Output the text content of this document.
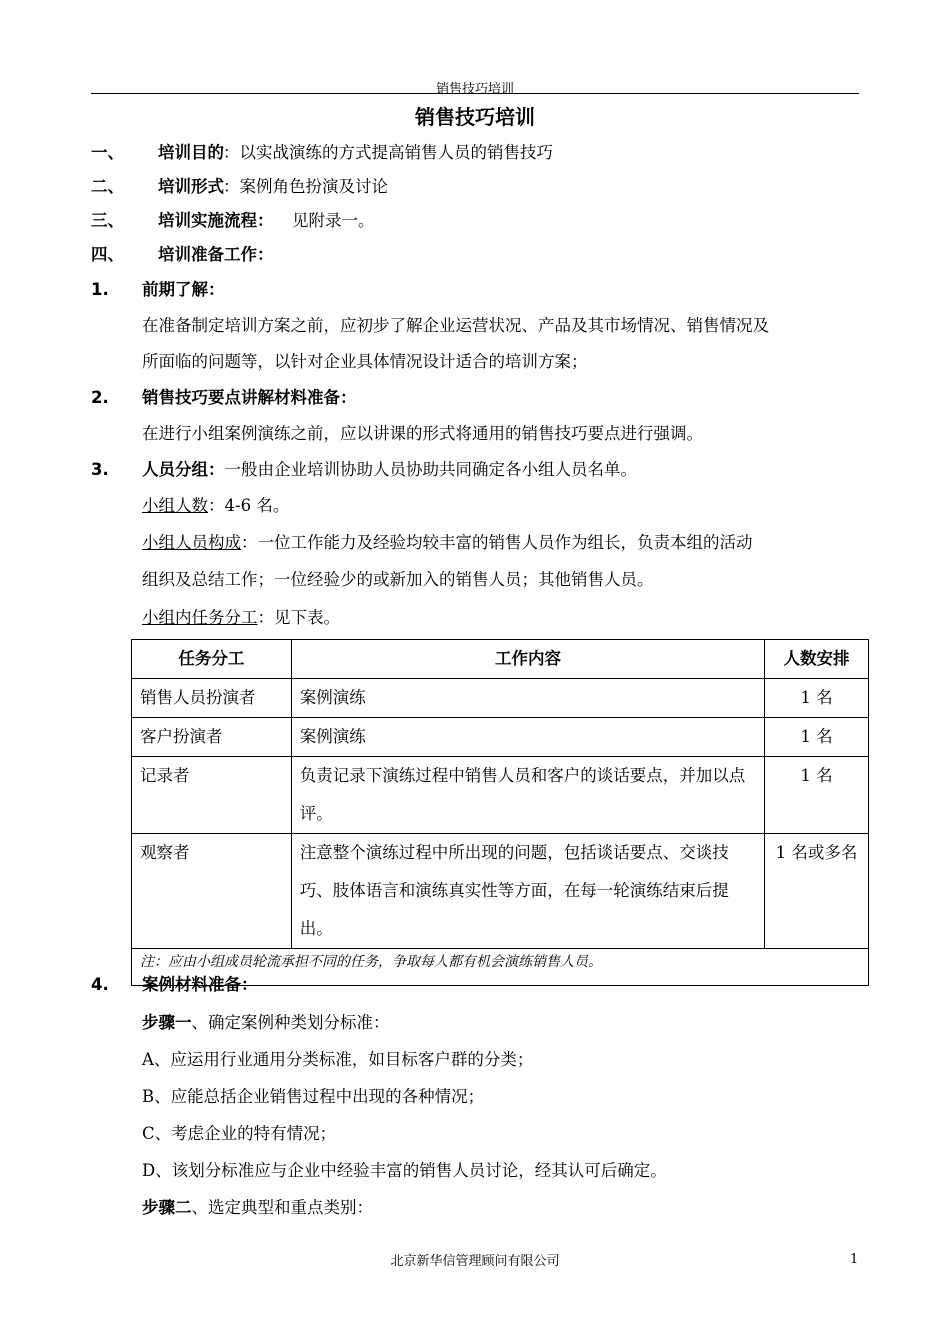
销售技巧培训
销售技巧培训
一、 培训目的 ：以实战演练的方式提高销售人员的销售技巧
二、 培训形式 ：案例角色扮演及讨论
三、 培训实施流程： 见附录一。
四、 培训准备工作：
1. 前期了解：
在准备制定培训方案之前，应初步了解企业运营状况、产品及其市场情况、销售情况及
所面临的问题等，以针对企业具体情况设计适合的培训方案；
2. 销售技巧要点讲解材料准备：
在进行小组案例演练之前，应以讲课的形式将通用的销售技巧要点进行强调。
3. 人员分组：一般由企业培训协助人员协助共同确定各小组人员名单。
小组人数：4-6 名。
小组人员构成：一位工作能力及经验均较丰富的销售人员作为组长，负责本组的活动
组织及总结工作；一位经验少的或新加入的销售人员；其他销售人员。
小组内任务分工：见下表。
任务分工	工作内容	人数安排
销售人员扮演者	案例演练	1 名
客户扮演者	案例演练	1 名
记录者	负责记录下演练过程中销售人员和客户的谈话要点，并加以点评。	1 名
观察者	注意整个演练过程中所出现的问题，包括谈话要点、交谈技巧、肢体语言和演练真实性等方面，在每一轮演练结束后提出。	1 名或多名
注：应由小组成员轮流承担不同的任务，争取每人都有机会演练销售人员。		
4. 案例材料准备：
步骤一、确定案例种类划分标准：
A、应运用行业通用分类标准，如目标客户群的分类；
B、应能总括企业销售过程中出现的各种情况；
C、考虑企业的特有情况；
D、该划分标准应与企业中经验丰富的销售人员讨论，经其认可后确定。
步骤二、选定典型和重点类别：
北京新华信管理顾问有限公司	1
